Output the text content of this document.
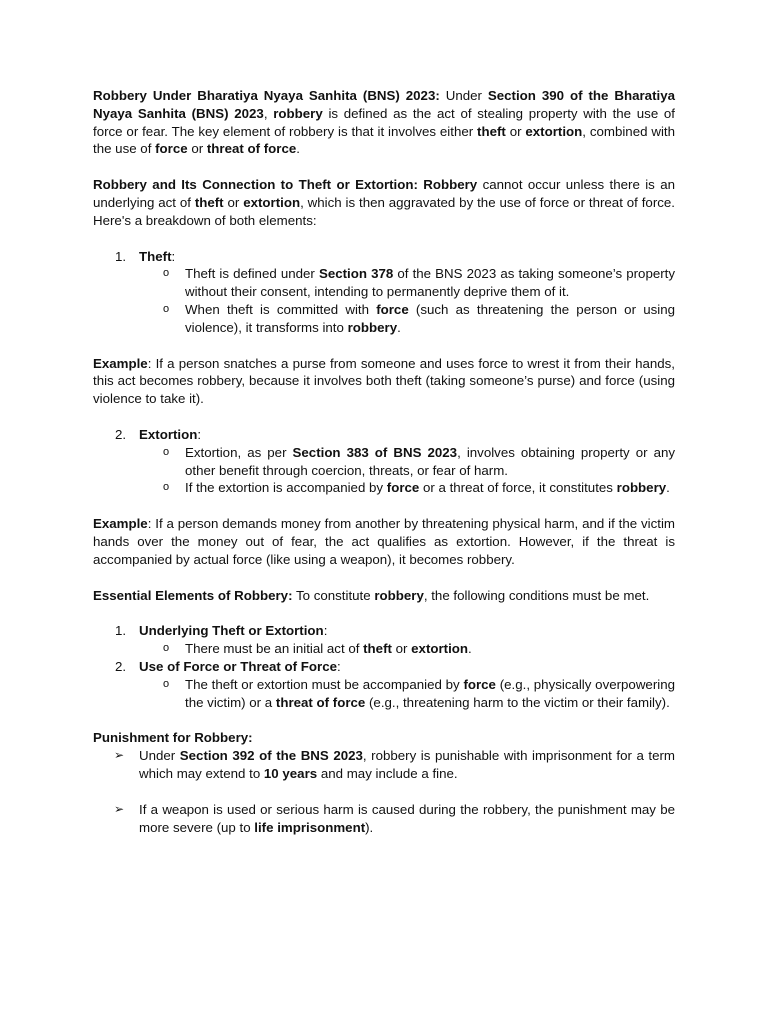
Robbery Under Bharatiya Nyaya Sanhita (BNS) 2023: Under Section 390 of the Bharatiya Nyaya Sanhita (BNS) 2023, robbery is defined as the act of stealing property with the use of force or fear. The key element of robbery is that it involves either theft or extortion, combined with the use of force or threat of force.

Robbery and Its Connection to Theft or Extortion: Robbery cannot occur unless there is an underlying act of theft or extortion, which is then aggravated by the use of force or threat of force. Here's a breakdown of both elements:

1. Theft:
o Theft is defined under Section 378 of the BNS 2023 as taking someone’s property without their consent, intending to permanently deprive them of it.
o When theft is committed with force (such as threatening the person or using violence), it transforms into robbery.

Example: If a person snatches a purse from someone and uses force to wrest it from their hands, this act becomes robbery, because it involves both theft (taking someone’s purse) and force (using violence to take it).

2. Extortion:
o Extortion, as per Section 383 of BNS 2023, involves obtaining property or any other benefit through coercion, threats, or fear of harm.
o If the extortion is accompanied by force or a threat of force, it constitutes robbery.

Example: If a person demands money from another by threatening physical harm, and if the victim hands over the money out of fear, the act qualifies as extortion. However, if the threat is accompanied by actual force (like using a weapon), it becomes robbery.

Essential Elements of Robbery: To constitute robbery, the following conditions must be met.

1. Underlying Theft or Extortion:
o There must be an initial act of theft or extortion.
2. Use of Force or Threat of Force:
o The theft or extortion must be accompanied by force (e.g., physically overpowering the victim) or a threat of force (e.g., threatening harm to the victim or their family).

Punishment for Robbery:

➢ Under Section 392 of the BNS 2023, robbery is punishable with imprisonment for a term which may extend to 10 years and may include a fine.
➢ If a weapon is used or serious harm is caused during the robbery, the punishment may be more severe (up to life imprisonment).
